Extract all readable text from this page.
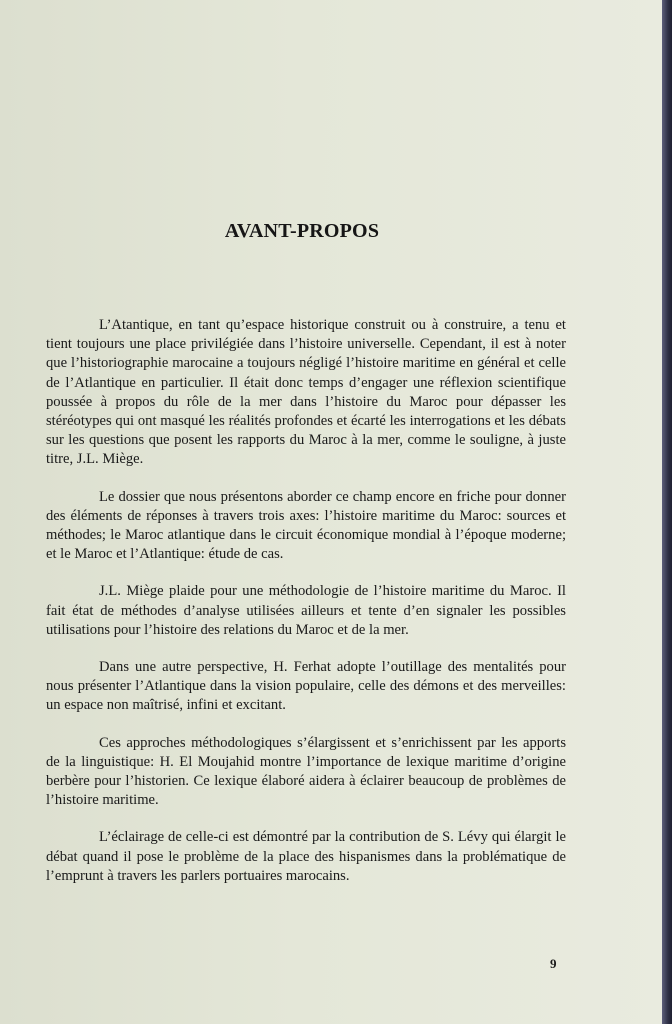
AVANT-PROPOS

L’Atantique, en tant qu’espace historique construit ou à construire, a tenu et tient toujours une place privilégiée dans l’histoire universelle. Cependant, il est à noter que l’historiographie marocaine a toujours négligé l’histoire maritime en général et celle de l’Atlantique en particulier. Il était donc temps d’engager une réflexion scientifique poussée à propos du rôle de la mer dans l’histoire du Maroc pour dépasser les stéréotypes qui ont masqué les réalités profondes et écarté les interrogations et les débats sur les questions que posent les rapports du Maroc à la mer, comme le souligne, à juste titre, J.L. Miège.

Le dossier que nous présentons aborder ce champ encore en friche pour donner des éléments de réponses à travers trois axes: l’histoire maritime du Maroc: sources et méthodes; le Maroc atlantique dans le circuit économique mondial à l’époque moderne; et le Maroc et l’Atlantique: étude de cas.

J.L. Miège plaide pour une méthodologie de l’histoire maritime du Maroc. Il fait état de méthodes d’analyse utilisées ailleurs et tente d’en signaler les possibles utilisations pour l’histoire des relations du Maroc et de la mer.

Dans une autre perspective, H. Ferhat adopte l’outillage des mentalités pour nous présenter l’Atlantique dans la vision populaire, celle des démons et des merveilles: un espace non maîtrisé, infini et excitant.

Ces approches méthodologiques s’élargissent et s’enrichissent par les apports de la linguistique: H. El Moujahid montre l’importance de lexique maritime d’origine berbère pour l’historien. Ce lexique élaboré aidera à éclairer beaucoup de problèmes de l’histoire maritime.

L’éclairage de celle-ci est démontré par la contribution de S. Lévy qui élargit le débat quand il pose le problème de la place des hispanismes dans la problématique de l’emprunt à travers les parlers portuaires marocains.

9
